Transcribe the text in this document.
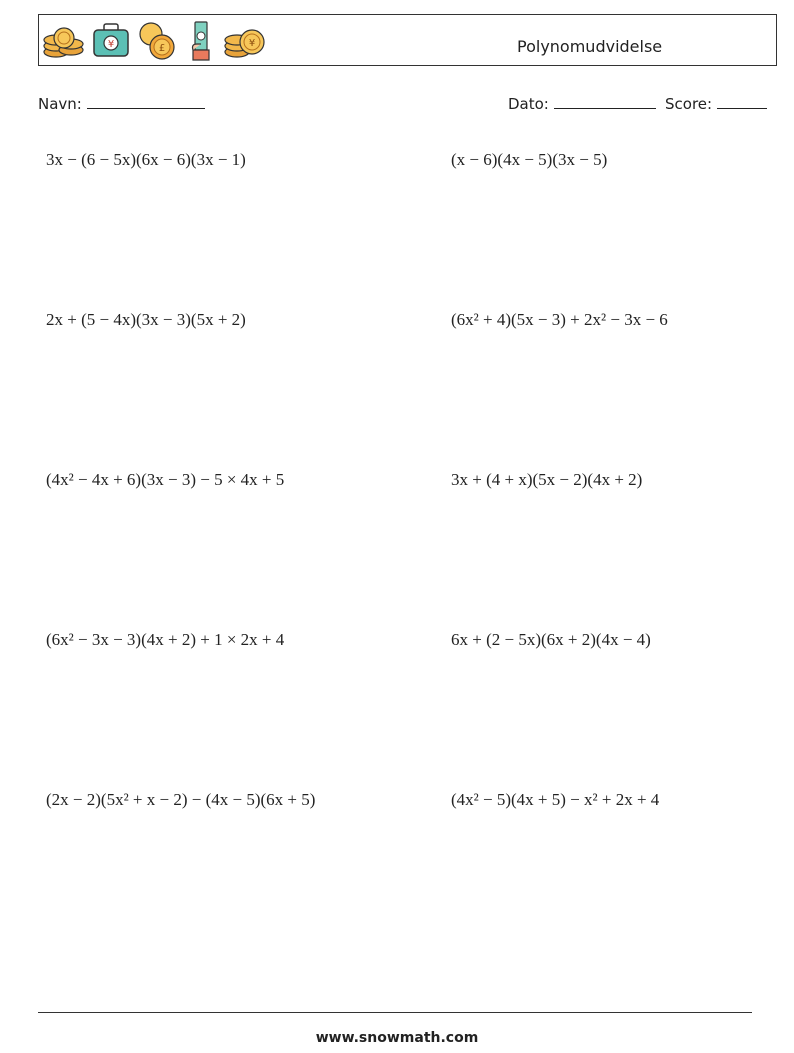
¥	£	¥	Polynomudvidelse
Navn:	Dato:	Score:
3x − (6 − 5x)(6x − 6)(3x − 1)	(x − 6)(4x − 5)(3x − 5)
2x + (5 − 4x)(3x − 3)(5x + 2)	(6x² + 4)(5x − 3) + 2x² − 3x − 6
(4x² − 4x + 6)(3x − 3) − 5 × 4x + 5	3x + (4 + x)(5x − 2)(4x + 2)
(6x² − 3x − 3)(4x + 2) + 1 × 2x + 4	6x + (2 − 5x)(6x + 2)(4x − 4)
(2x − 2)(5x² + x − 2) − (4x − 5)(6x + 5)	(4x² − 5)(4x + 5) − x² + 2x + 4
www.snowmath.com
